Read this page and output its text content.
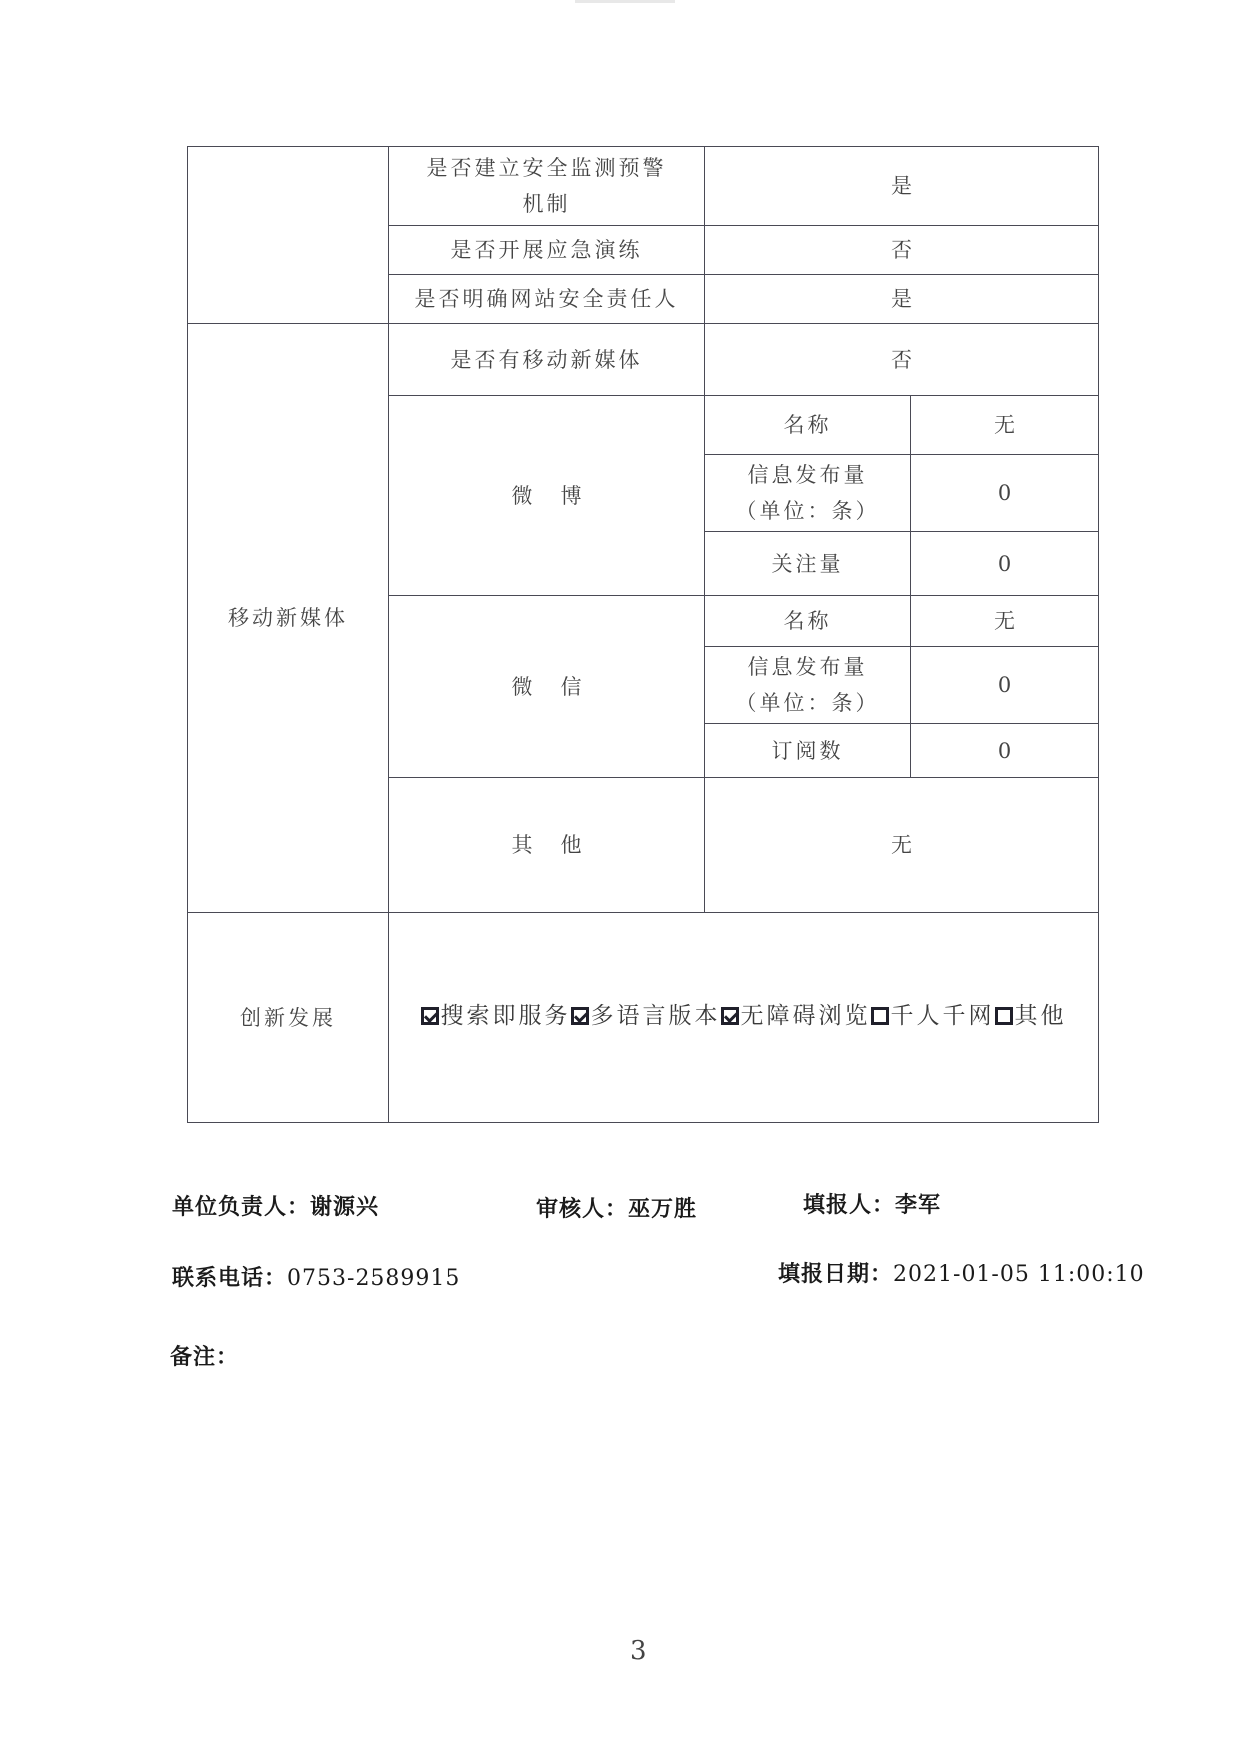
	是否建立安全监测预警
机制	是	
	是否开展应急演练	否	
	是否明确网站安全责任人	是	
移动新媒体	是否有移动新媒体	否	
	微博	名称	无

		信息发布量
（单位：条）	0
		关注量	0
	微信	名称	无

		信息发布量
（单位：条）	0
		订阅数	0
	其他	无	
创新发展	搜索即服务 多语言版本 无障碍浏览 千人千网 其他		
单位负责人：谢源兴	审核人：巫万胜	填报人：李军
联系电话：0753-2589915	填报日期：2021-01-05 11:00:10
备注：
3
